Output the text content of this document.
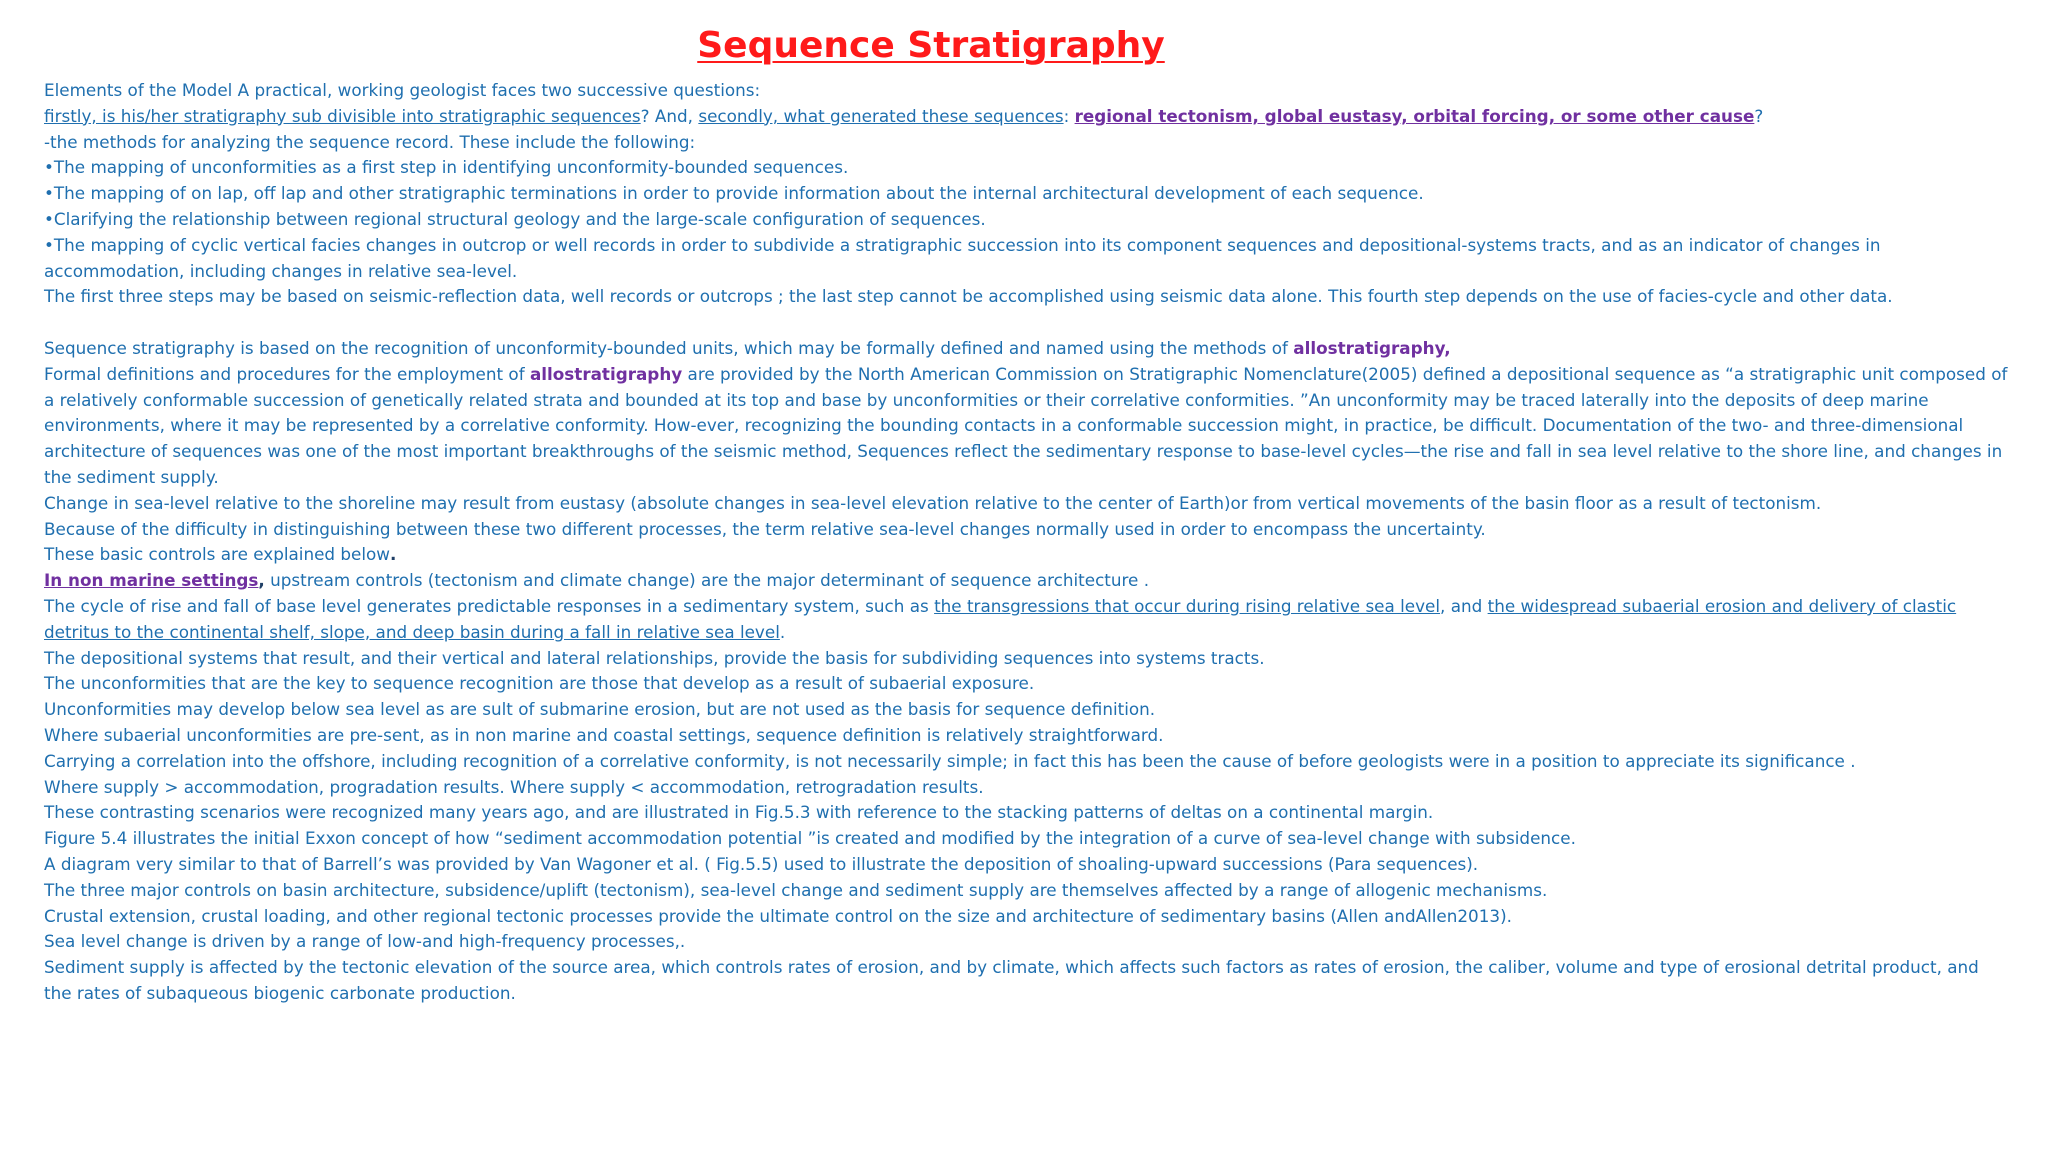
Sequence Stratigraphy
Elements of the Model A practical, working geologist faces two successive questions:
firstly, is his/her stratigraphy sub divisible into stratigraphic sequences? And, secondly, what generated these sequences: regional tectonism, global eustasy, orbital forcing, or some other cause?
-the methods for analyzing the sequence record. These include the following:
•The mapping of unconformities as a first step in identifying unconformity-bounded sequences.
•The mapping of on lap, off lap and other stratigraphic terminations in order to provide information about the internal architectural development of each sequence.
•Clarifying the relationship between regional structural geology and the large-scale configuration of sequences.
•The mapping of cyclic vertical facies changes in outcrop or well records in order to subdivide a stratigraphic succession into its component sequences and depositional-systems tracts, and as an indicator of changes in accommodation, including changes in relative sea-level.
The first three steps may be based on seismic-reflection data, well records or outcrops ; the last step cannot be accomplished using seismic data alone. This fourth step depends on the use of facies-cycle and other data.
Sequence stratigraphy is based on the recognition of unconformity-bounded units, which may be formally defined and named using the methods of allostratigraphy,
Formal definitions and procedures for the employment of allostratigraphy are provided by the North American Commission on Stratigraphic Nomenclature(2005) defined a depositional sequence as “a stratigraphic unit composed of a relatively conformable succession of genetically related strata and bounded at its top and base by unconformities or their correlative conformities. ”An unconformity may be traced laterally into the deposits of deep marine environments, where it may be represented by a correlative conformity. How-ever, recognizing the bounding contacts in a conformable succession might, in practice, be difficult. Documentation of the two- and three-dimensional architecture of sequences was one of the most important breakthroughs of the seismic method, Sequences reflect the sedimentary response to base-level cycles—the rise and fall in sea level relative to the shore line, and changes in the sediment supply.
Change in sea-level relative to the shoreline may result from eustasy (absolute changes in sea-level elevation relative to the center of Earth)or from vertical movements of the basin floor as a result of tectonism.
Because of the difficulty in distinguishing between these two different processes, the term relative sea-level changes normally used in order to encompass the uncertainty.
These basic controls are explained below.
In non marine settings, upstream controls (tectonism and climate change) are the major determinant of sequence architecture .
The cycle of rise and fall of base level generates predictable responses in a sedimentary system, such as the transgressions that occur during rising relative sea level, and the widespread subaerial erosion and delivery of clastic detritus to the continental shelf, slope, and deep basin during a fall in relative sea level.
The depositional systems that result, and their vertical and lateral relationships, provide the basis for subdividing sequences into systems tracts.
The unconformities that are the key to sequence recognition are those that develop as a result of subaerial exposure.
Unconformities may develop below sea level as are sult of submarine erosion, but are not used as the basis for sequence definition.
Where subaerial unconformities are pre-sent, as in non marine and coastal settings, sequence definition is relatively straightforward.
Carrying a correlation into the offshore, including recognition of a correlative conformity, is not necessarily simple; in fact this has been the cause of before geologists were in a position to appreciate its significance .
Where supply > accommodation, progradation results. Where supply < accommodation, retrogradation results.
These contrasting scenarios were recognized many years ago, and are illustrated in Fig.5.3 with reference to the stacking patterns of deltas on a continental margin.
Figure 5.4 illustrates the initial Exxon concept of how “sediment accommodation potential ”is created and modified by the integration of a curve of sea-level change with subsidence.
A diagram very similar to that of Barrell’s was provided by Van Wagoner et al. ( Fig.5.5) used to illustrate the deposition of shoaling-upward successions (Para sequences).
The three major controls on basin architecture, subsidence/uplift (tectonism), sea-level change and sediment supply are themselves affected by a range of allogenic mechanisms.
Crustal extension, crustal loading, and other regional tectonic processes provide the ultimate control on the size and architecture of sedimentary basins (Allen andAllen2013).
Sea level change is driven by a range of low-and high-frequency processes,.
Sediment supply is affected by the tectonic elevation of the source area, which controls rates of erosion, and by climate, which affects such factors as rates of erosion, the caliber, volume and type of erosional detrital product, and the rates of subaqueous biogenic carbonate production.
